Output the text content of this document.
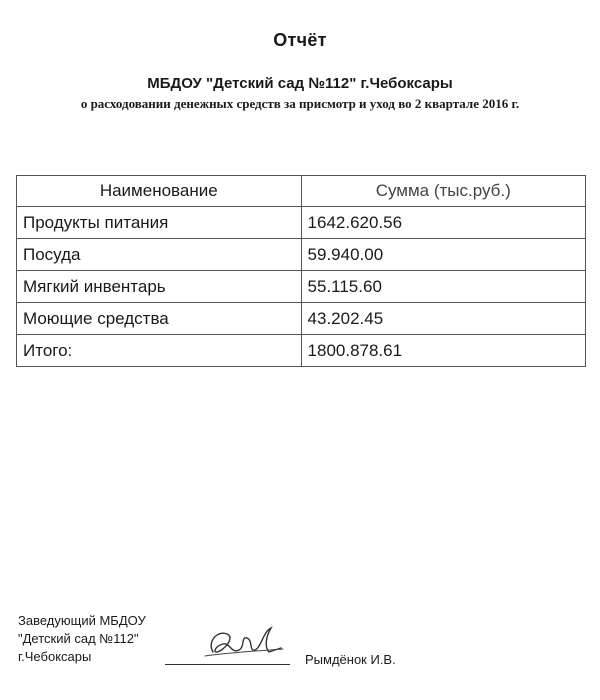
Отчёт
МБДОУ "Детский сад №112" г.Чебоксары
о расходовании денежных средств за присмотр и уход во 2 квартале 2016 г.
Наименование	Сумма (тыс.руб.)
Продукты питания	1642.620.56
Посуда	59.940.00
Мягкий инвентарь	55.115.60
Моющие средства	43.202.45
Итого:	1800.878.61
Заведующий МБДОУ
"Детский сад №112"
г.Чебоксары	Рымдёнок И.В.
